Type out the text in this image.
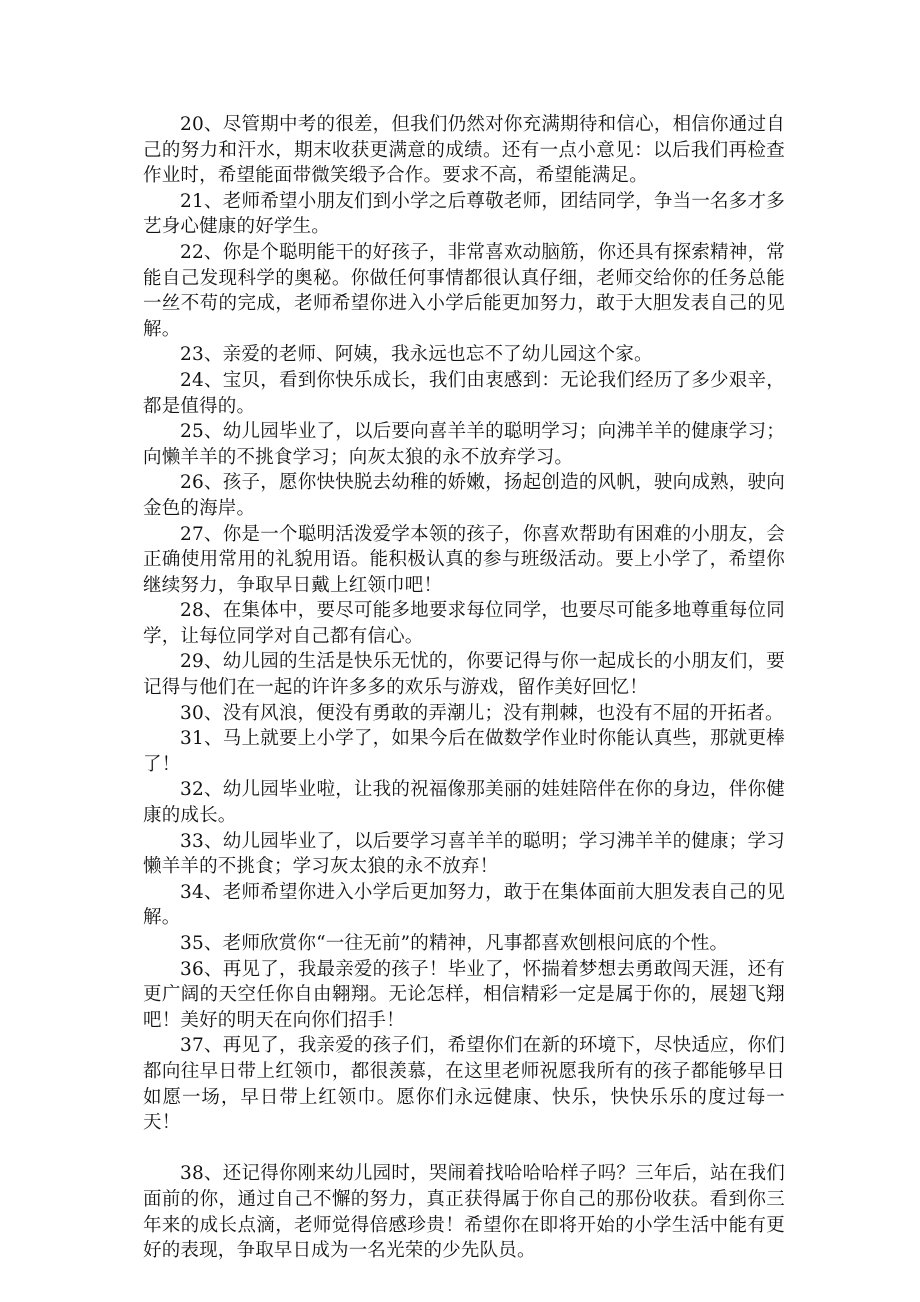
20、尽管期中考的很差，但我们仍然对你充满期待和信心，相信你通过自己的努力和汗水，期末收获更满意的成绩。还有一点小意见：以后我们再检查作业时，希望能面带微笑缎予合作。要求不高，希望能满足。

21、老师希望小朋友们到小学之后尊敬老师，团结同学，争当一名多才多艺身心健康的好学生。

22、你是个聪明能干的好孩子，非常喜欢动脑筋，你还具有探索精神，常能自己发现科学的奥秘。你做任何事情都很认真仔细，老师交给你的任务总能一丝不苟的完成，老师希望你进入小学后能更加努力，敢于大胆发表自己的见解。

23、亲爱的老师、阿姨，我永远也忘不了幼儿园这个家。

24、宝贝，看到你快乐成长，我们由衷感到：无论我们经历了多少艰辛，都是值得的。

25、幼儿园毕业了，以后要向喜羊羊的聪明学习；向沸羊羊的健康学习；向懒羊羊的不挑食学习；向灰太狼的永不放弃学习。

26、孩子，愿你快快脱去幼稚的娇嫩，扬起创造的风帆，驶向成熟，驶向金色的海岸。

27、你是一个聪明活泼爱学本领的孩子，你喜欢帮助有困难的小朋友，会正确使用常用的礼貌用语。能积极认真的参与班级活动。要上小学了，希望你继续努力，争取早日戴上红领巾吧！

28、在集体中，要尽可能多地要求每位同学，也要尽可能多地尊重每位同学，让每位同学对自己都有信心。

29、幼儿园的生活是快乐无忧的，你要记得与你一起成长的小朋友们，要记得与他们在一起的许许多多的欢乐与游戏，留作美好回忆！

30、没有风浪，便没有勇敢的弄潮儿；没有荆棘，也没有不屈的开拓者。

31、马上就要上小学了，如果今后在做数学作业时你能认真些，那就更棒了！

32、幼儿园毕业啦，让我的祝福像那美丽的娃娃陪伴在你的身边，伴你健康的成长。

33、幼儿园毕业了，以后要学习喜羊羊的聪明；学习沸羊羊的健康；学习懒羊羊的不挑食；学习灰太狼的永不放弃！

34、老师希望你进入小学后更加努力，敢于在集体面前大胆发表自己的见解。

35、老师欣赏你“一往无前”的精神，凡事都喜欢刨根问底的个性。

36、再见了，我最亲爱的孩子！毕业了，怀揣着梦想去勇敢闯天涯，还有更广阔的天空任你自由翱翔。无论怎样，相信精彩一定是属于你的，展翅飞翔吧！美好的明天在向你们招手！

37、再见了，我亲爱的孩子们，希望你们在新的环境下，尽快适应，你们都向往早日带上红领巾，都很羡慕，在这里老师祝愿我所有的孩子都能够早日如愿一场，早日带上红领巾。愿你们永远健康、快乐，快快乐乐的度过每一天！

38、还记得你刚来幼儿园时，哭闹着找哈哈哈样子吗？三年后，站在我们面前的你，通过自己不懈的努力，真正获得属于你自己的那份收获。看到你三年来的成长点滴，老师觉得倍感珍贵！希望你在即将开始的小学生活中能有更好的表现，争取早日成为一名光荣的少先队员。
